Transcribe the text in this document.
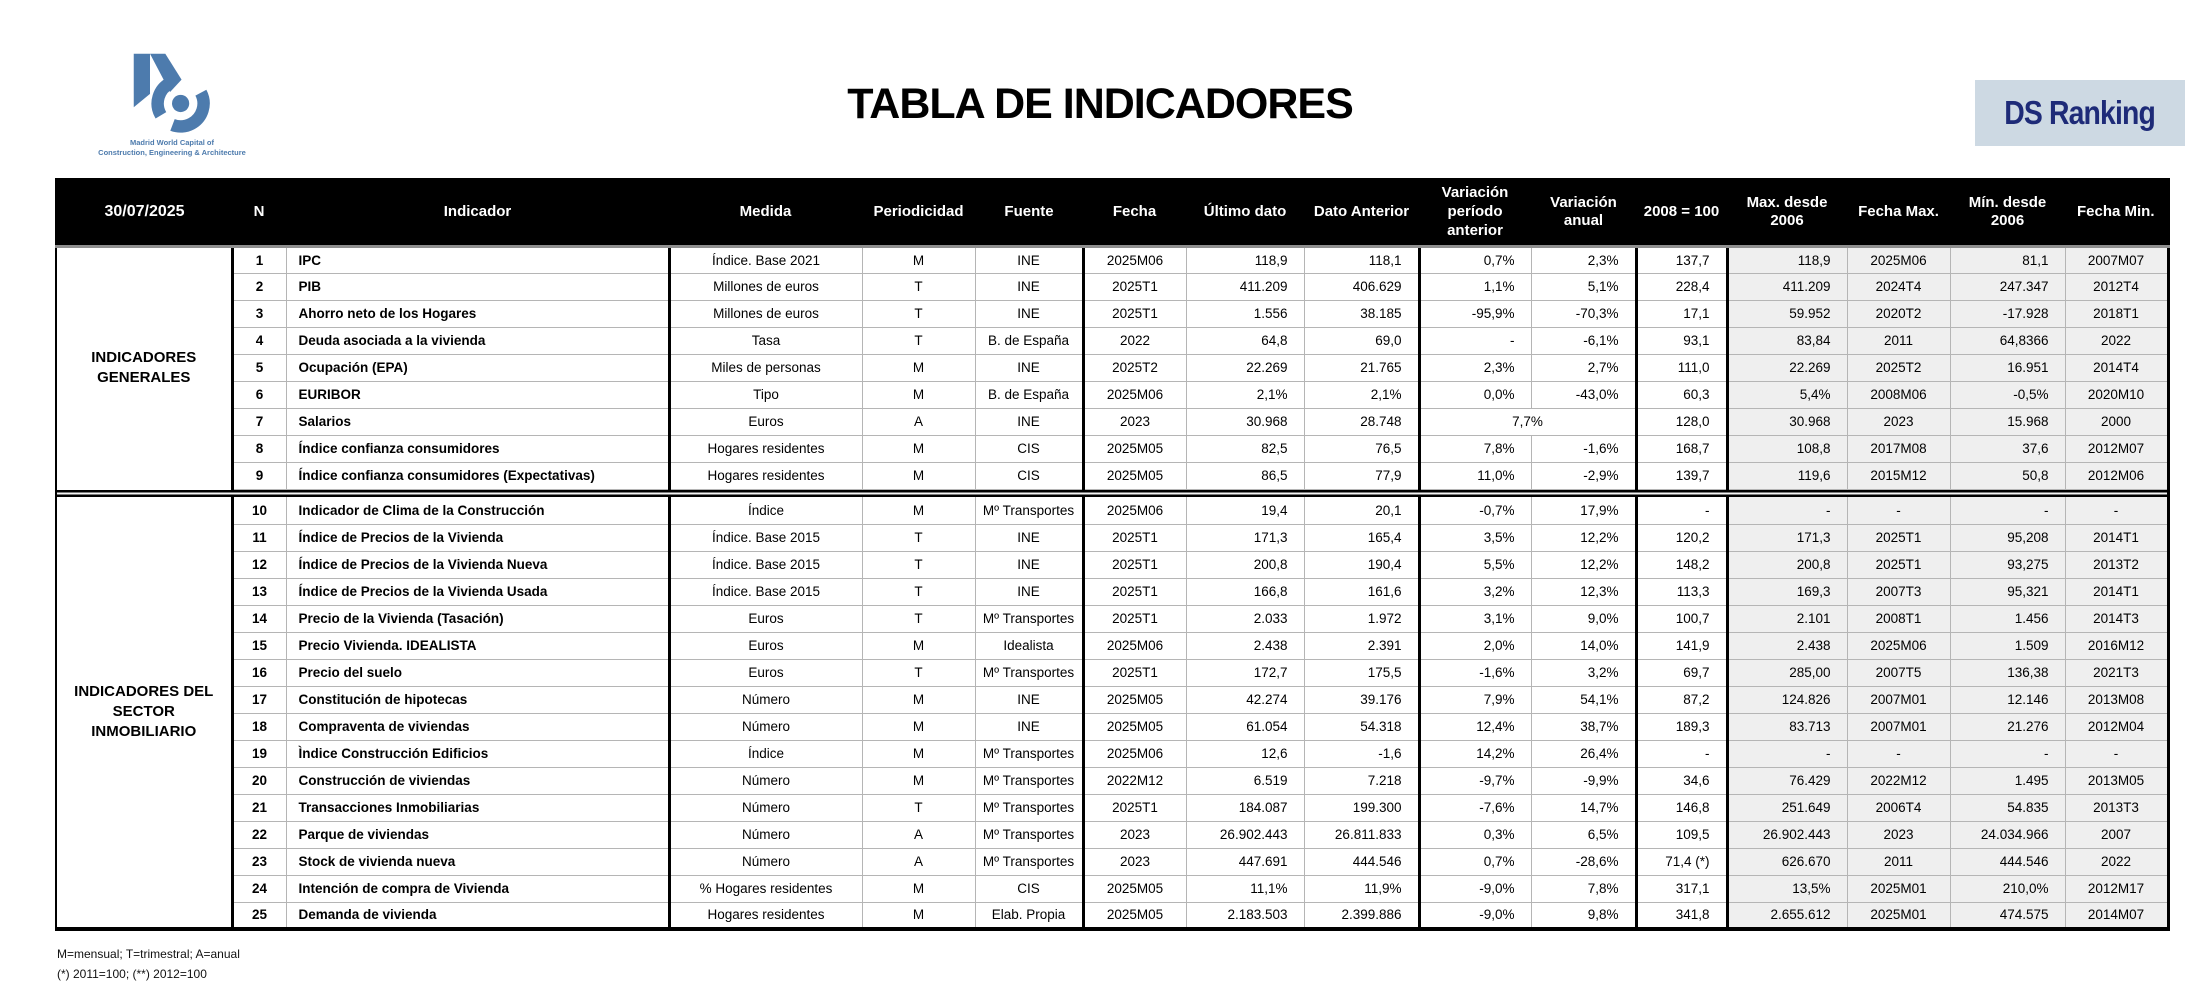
Madrid World Capital of
Construction, Engineering & Architecture
TABLA DE INDICADORES	DS Ranking
30/07/2025	N	Indicador	Medida	Periodicidad	Fuente	Fecha	Último dato	Dato Anterior	Variación período anterior	Variación anual	2008 = 100	Max. desde 2006	Fecha Max.	Mín. desde 2006	Fecha Min.
INDICADORES GENERALES	1	IPC	Índice. Base 2021	M	INE	2025M06	118,9	118,1	0,7%	2,3%	137,7	118,9	2025M06	81,1	2007M07
	2	PIB	Millones de euros	T	INE	2025T1	411.209	406.629	1,1%	5,1%	228,4	411.209	2024T4	247.347	2012T4
	3	Ahorro neto de los Hogares	Millones de euros	T	INE	2025T1	1.556	38.185	-95,9%	-70,3%	17,1	59.952	2020T2	-17.928	2018T1
	4	Deuda asociada a la vivienda	Tasa	T	B. de España	2022	64,8	69,0	-	-6,1%	93,1	83,84	2011	64,8366	2022
	5	Ocupación (EPA)	Miles de personas	M	INE	2025T2	22.269	21.765	2,3%	2,7%	111,0	22.269	2025T2	16.951	2014T4
	6	EURIBOR	Tipo	M	B. de España	2025M06	2,1%	2,1%	0,0%	-43,0%	60,3	5,4%	2008M06	-0,5%	2020M10
	7	Salarios	Euros	A	INE	2023	30.968	28.748	7,7%		128,0	30.968	2023	15.968	2000
	8	Índice confianza consumidores	Hogares residentes	M	CIS	2025M05	82,5	76,5	7,8%	-1,6%	168,7	108,8	2017M08	37,6	2012M07
	9	Índice confianza consumidores (Expectativas)	Hogares residentes	M	CIS	2025M05	86,5	77,9	11,0%	-2,9%	139,7	119,6	2015M12	50,8	2012M06

INDICADORES DEL SECTOR INMOBILIARIO	10	Indicador de Clima de la Construcción	Índice	M	Mº Transportes	2025M06	19,4	20,1	-0,7%	17,9%	-	-	-	-	-
	11	Índice de Precios de la Vivienda	Índice. Base 2015	T	INE	2025T1	171,3	165,4	3,5%	12,2%	120,2	171,3	2025T1	95,208	2014T1
	12	Índice de Precios de la Vivienda Nueva	Índice. Base 2015	T	INE	2025T1	200,8	190,4	5,5%	12,2%	148,2	200,8	2025T1	93,275	2013T2
	13	Índice de Precios de la Vivienda Usada	Índice. Base 2015	T	INE	2025T1	166,8	161,6	3,2%	12,3%	113,3	169,3	2007T3	95,321	2014T1
	14	Precio de la Vivienda (Tasación)	Euros	T	Mº Transportes	2025T1	2.033	1.972	3,1%	9,0%	100,7	2.101	2008T1	1.456	2014T3
	15	Precio Vivienda. IDEALISTA	Euros	M	Idealista	2025M06	2.438	2.391	2,0%	14,0%	141,9	2.438	2025M06	1.509	2016M12
	16	Precio del suelo	Euros	T	Mº Transportes	2025T1	172,7	175,5	-1,6%	3,2%	69,7	285,00	2007T5	136,38	2021T3
	17	Constitución de hipotecas	Número	M	INE	2025M05	42.274	39.176	7,9%	54,1%	87,2	124.826	2007M01	12.146	2013M08
	18	Compraventa de viviendas	Número	M	INE	2025M05	61.054	54.318	12,4%	38,7%	189,3	83.713	2007M01	21.276	2012M04
	19	Ìndice Construcción Edificios	Índice	M	Mº Transportes	2025M06	12,6	-1,6	14,2%	26,4%	-	-	-	-	-
	20	Construcción de viviendas	Número	M	Mº Transportes	2022M12	6.519	7.218	-9,7%	-9,9%	34,6	76.429	2022M12	1.495	2013M05
	21	Transacciones Inmobiliarias	Número	T	Mº Transportes	2025T1	184.087	199.300	-7,6%	14,7%	146,8	251.649	2006T4	54.835	2013T3
	22	Parque de viviendas	Número	A	Mº Transportes	2023	26.902.443	26.811.833	0,3%	6,5%	109,5	26.902.443	2023	24.034.966	2007
	23	Stock de vivienda nueva	Número	A	Mº Transportes	2023	447.691	444.546	0,7%	-28,6%	71,4 (*)	626.670	2011	444.546	2022
	24	Intención de compra de Vivienda	% Hogares residentes	M	CIS	2025M05	11,1%	11,9%	-9,0%	7,8%	317,1	13,5%	2025M01	210,0%	2012M17
	25	Demanda de vivienda	Hogares residentes	M	Elab. Propia	2025M05	2.183.503	2.399.886	-9,0%	9,8%	341,8	2.655.612	2025M01	474.575	2014M07
M=mensual; T=trimestral; A=anual
(*) 2011=100; (**) 2012=100
